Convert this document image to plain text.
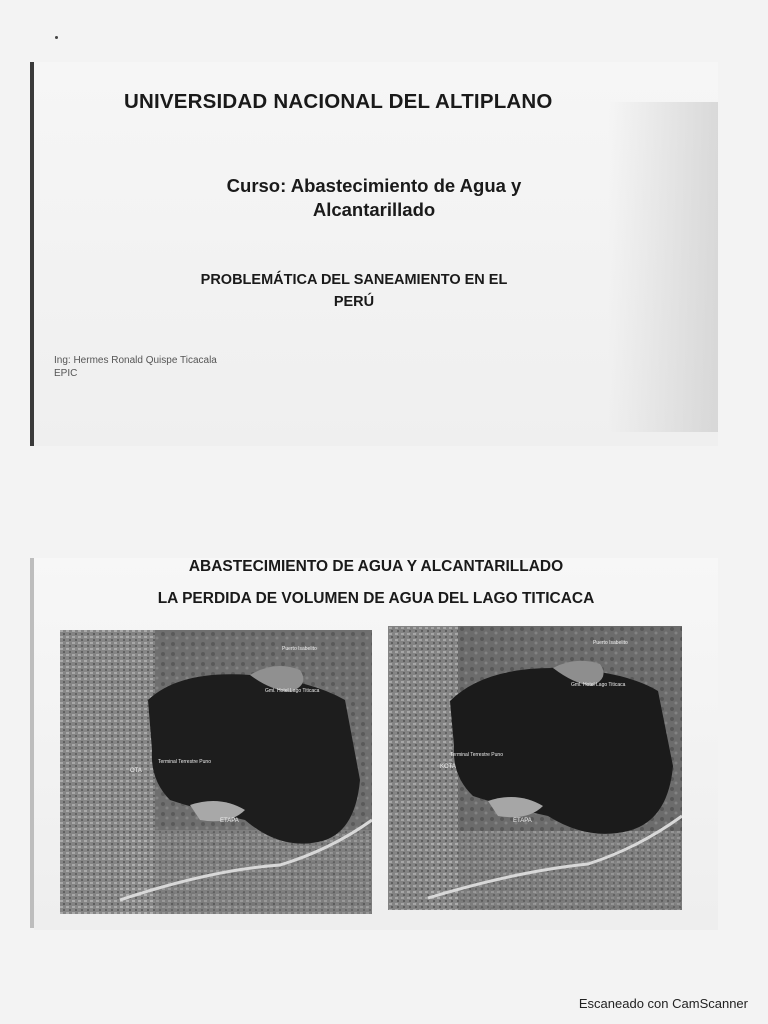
UNIVERSIDAD NACIONAL DEL ALTIPLANO
Curso: Abastecimiento de Agua y
Alcantarillado
PROBLEMÁTICA DEL SANEAMIENTO EN EL
PERÚ
Ing: Hermes Ronald Quispe Ticacala
EPIC
ABASTECIMIENTO DE AGUA Y ALCANTARILLADO
LA PERDIDA DE VOLUMEN DE AGUA DEL LAGO TITICACA
Puerto Isabelito
Gml. Hotel Lago Titicaca
Terminal Terrestre Puno
OTA
ETAPA
Puerto Isabelito
Gml. Hotel Lago Titicaca
Terminal Terrestre Puno
KOTA
ETAPA
Escaneado con CamScanner
